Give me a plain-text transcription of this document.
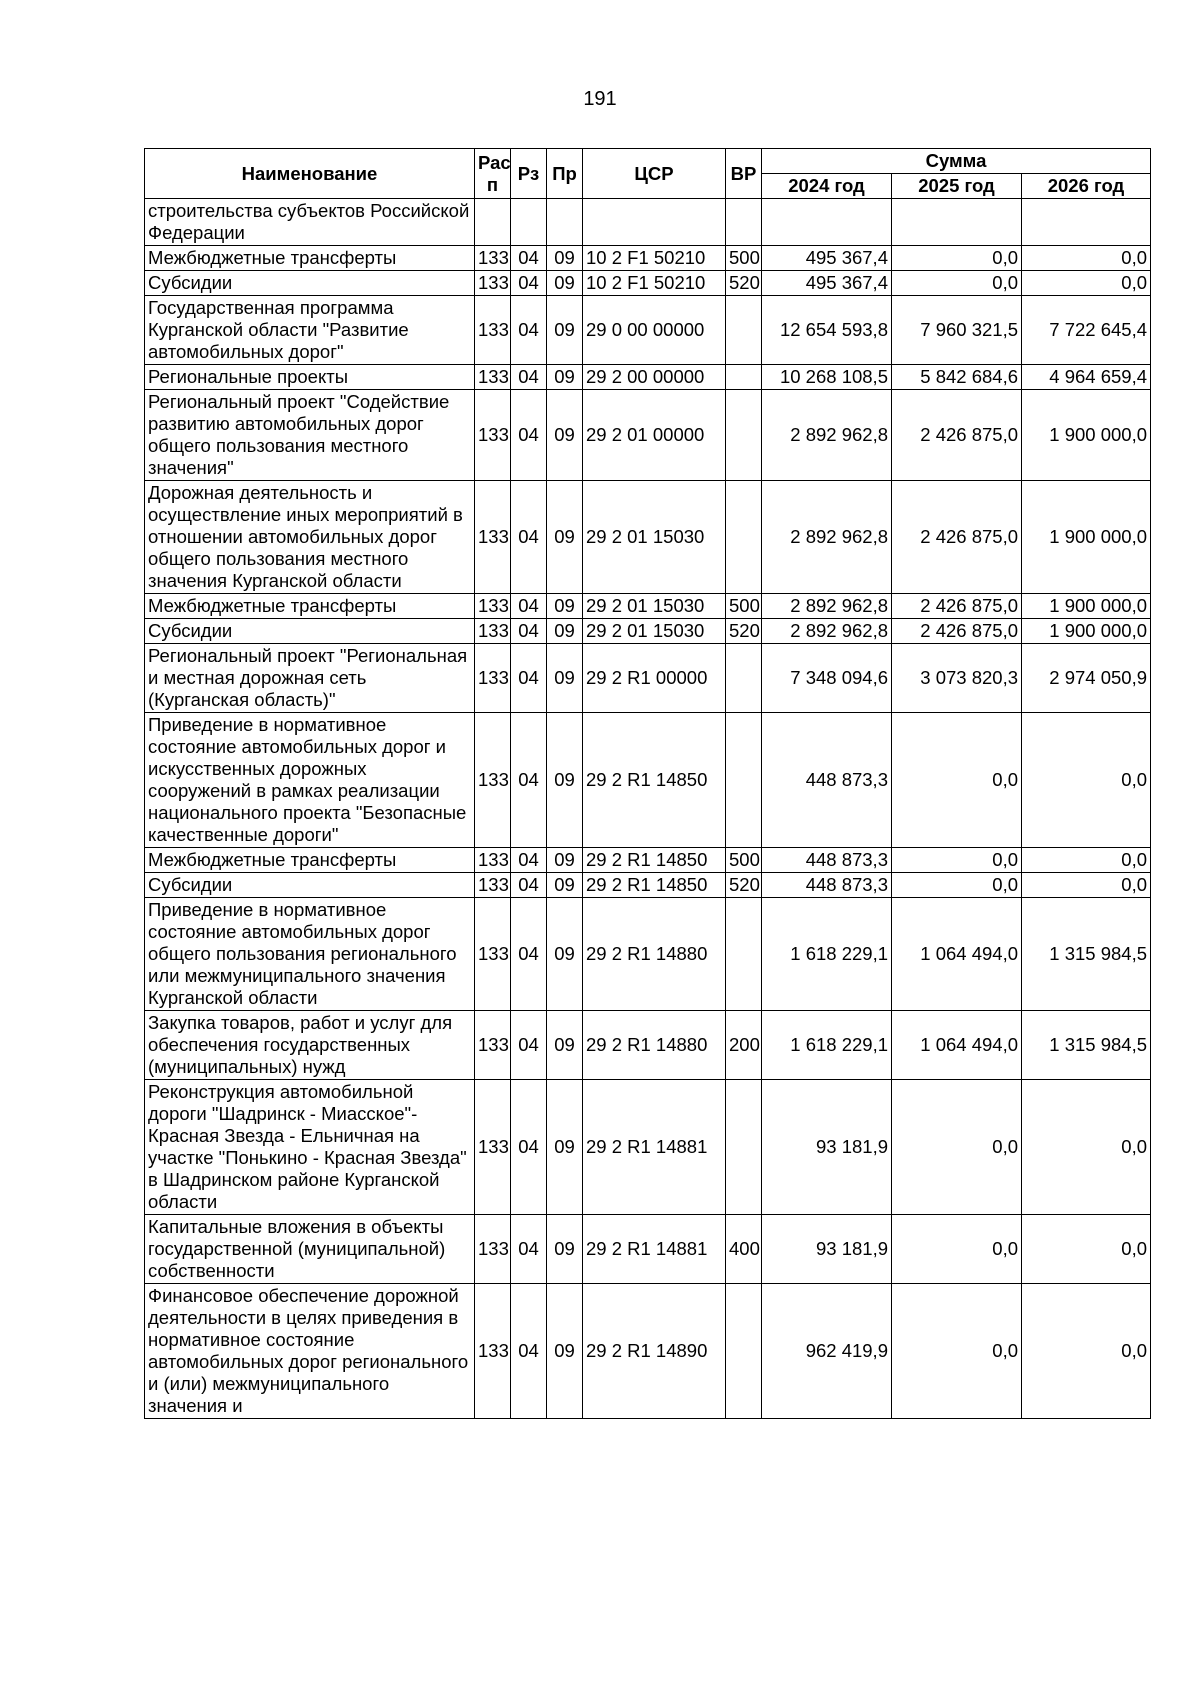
191
Наименование	Рас п	Рз	Пр	ЦСР	ВР	Сумма		
						2024 год	2025 год	2026 год
строительства субъектов Российской Федерации								
Межбюджетные трансферты	133	04	09	10 2 F1 50210	500	495 367,4	0,0	0,0
Субсидии	133	04	09	10 2 F1 50210	520	495 367,4	0,0	0,0
Государственная программа Курганской области "Развитие автомобильных дорог"	133	04	09	29 0 00 00000		12 654 593,8	7 960 321,5	7 722 645,4
Региональные проекты	133	04	09	29 2 00 00000		10 268 108,5	5 842 684,6	4 964 659,4
Региональный проект "Содействие развитию автомобильных дорог общего пользования местного значения"	133	04	09	29 2 01 00000		2 892 962,8	2 426 875,0	1 900 000,0
Дорожная деятельность и осуществление иных мероприятий в отношении автомобильных дорог общего пользования местного значения Курганской области	133	04	09	29 2 01 15030		2 892 962,8	2 426 875,0	1 900 000,0
Межбюджетные трансферты	133	04	09	29 2 01 15030	500	2 892 962,8	2 426 875,0	1 900 000,0
Субсидии	133	04	09	29 2 01 15030	520	2 892 962,8	2 426 875,0	1 900 000,0
Региональный проект "Региональная и местная дорожная сеть (Курганская область)"	133	04	09	29 2 R1 00000		7 348 094,6	3 073 820,3	2 974 050,9
Приведение в нормативное состояние автомобильных дорог и искусственных дорожных сооружений в рамках реализации национального проекта "Безопасные качественные дороги"	133	04	09	29 2 R1 14850		448 873,3	0,0	0,0
Межбюджетные трансферты	133	04	09	29 2 R1 14850	500	448 873,3	0,0	0,0
Субсидии	133	04	09	29 2 R1 14850	520	448 873,3	0,0	0,0
Приведение в нормативное состояние автомобильных дорог общего пользования регионального или межмуниципального значения Курганской области	133	04	09	29 2 R1 14880		1 618 229,1	1 064 494,0	1 315 984,5
Закупка товаров, работ и услуг для обеспечения государственных (муниципальных) нужд	133	04	09	29 2 R1 14880	200	1 618 229,1	1 064 494,0	1 315 984,5
Реконструкция автомобильной дороги "Шадринск - Миасское"- Красная Звезда - Ельничная на участке "Понькино - Красная Звезда" в Шадринском районе Курганской области	133	04	09	29 2 R1 14881		93 181,9	0,0	0,0
Капитальные вложения в объекты государственной (муниципальной) собственности	133	04	09	29 2 R1 14881	400	93 181,9	0,0	0,0
Финансовое обеспечение дорожной деятельности в целях приведения в нормативное состояние автомобильных дорог регионального и (или) межмуниципального значения и	133	04	09	29 2 R1 14890		962 419,9	0,0	0,0
